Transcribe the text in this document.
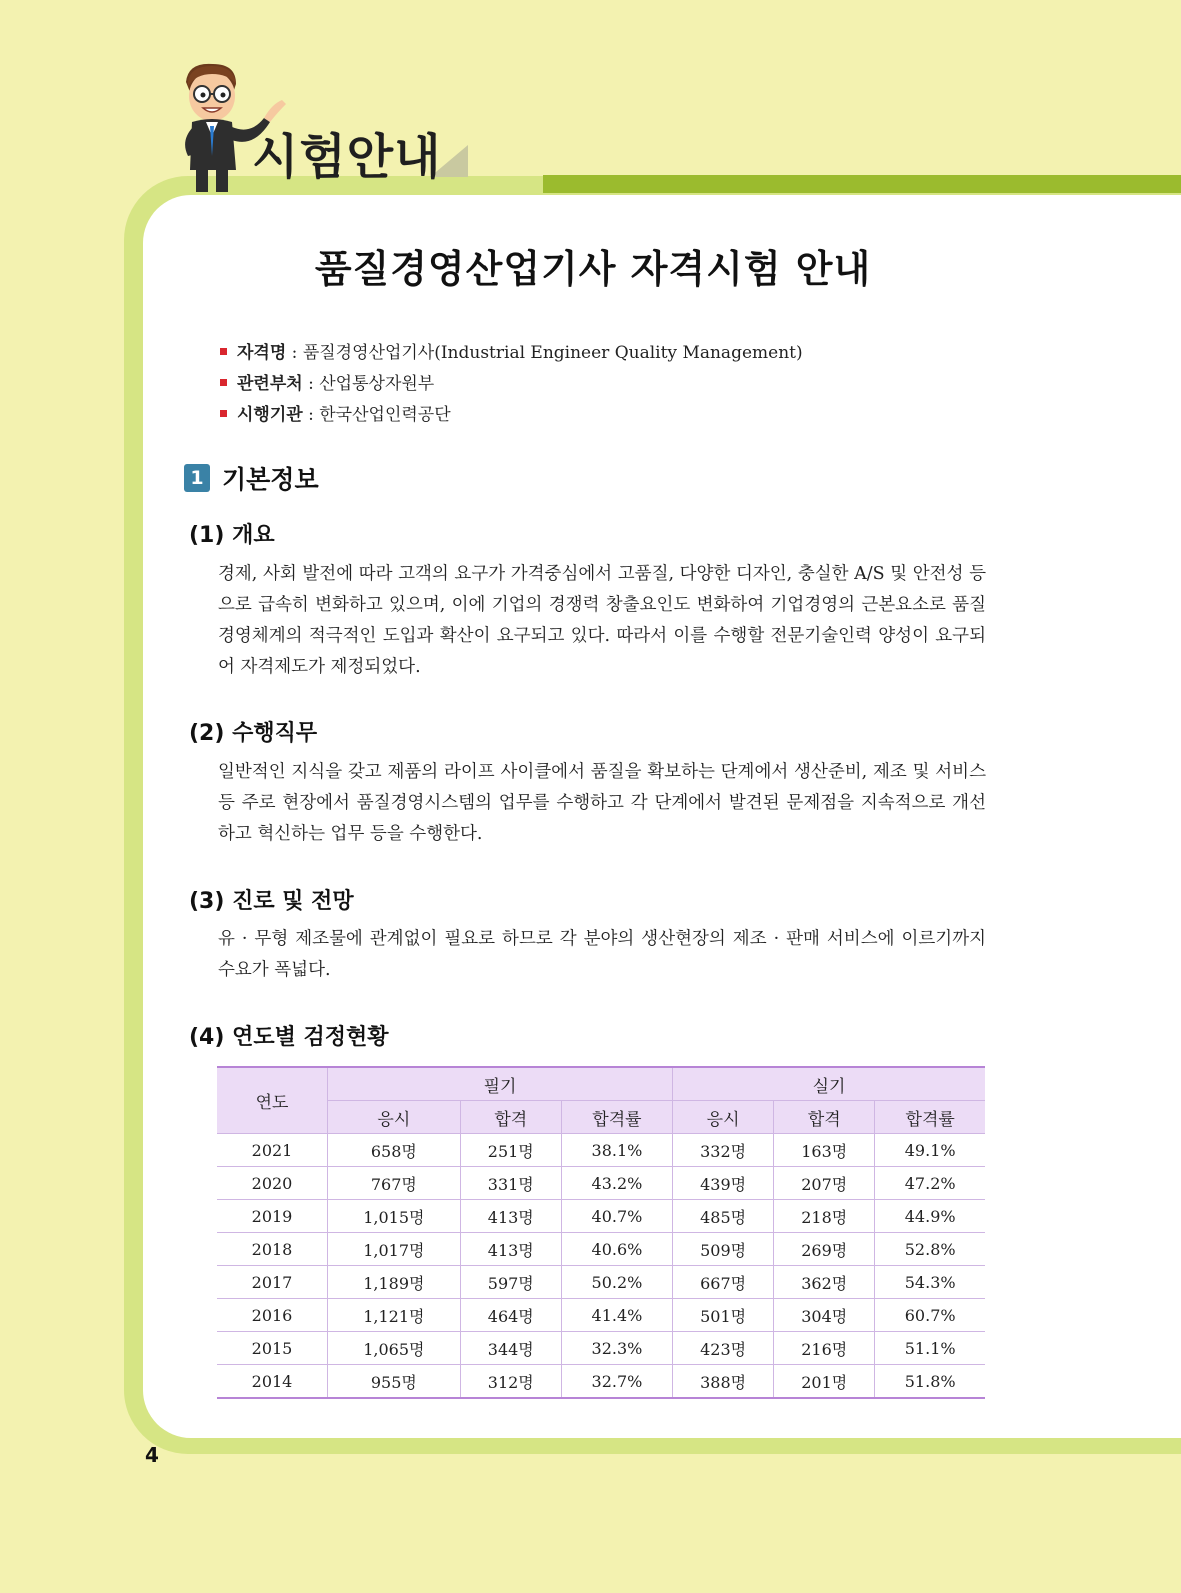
시험안내
품질경영산업기사 자격시험 안내
자격명 : 품질경영산업기사(Industrial Engineer Quality Management)
관련부처 : 산업통상자원부
시행기관 : 한국산업인력공단
1 기본정보
(1) 개요

경제, 사회 발전에 따라 고객의 요구가 가격중심에서 고품질, 다양한 디자인, 충실한 A/S 및 안전성 등으로 급속히 변화하고 있으며, 이에 기업의 경쟁력 창출요인도 변화하여 기업경영의 근본요소로 품질경영체계의 적극적인 도입과 확산이 요구되고 있다. 따라서 이를 수행할 전문기술인력 양성이 요구되어 자격제도가 제정되었다.

(2) 수행직무

일반적인 지식을 갖고 제품의 라이프 사이클에서 품질을 확보하는 단계에서 생산준비, 제조 및 서비스 등 주로 현장에서 품질경영시스템의 업무를 수행하고 각 단계에서 발견된 문제점을 지속적으로 개선하고 혁신하는 업무 등을 수행한다.

(3) 진로 및 전망

유 · 무형 제조물에 관계없이 필요로 하므로 각 분야의 생산현장의 제조 · 판매 서비스에 이르기까지 수요가 폭넓다.

(4) 연도별 검정현황
연도	필기			실기		
	응시	합격	합격률	응시	합격	합격률
2021	658명	251명	38.1%	332명	163명	49.1%
2020	767명	331명	43.2%	439명	207명	47.2%
2019	1,015명	413명	40.7%	485명	218명	44.9%
2018	1,017명	413명	40.6%	509명	269명	52.8%
2017	1,189명	597명	50.2%	667명	362명	54.3%
2016	1,121명	464명	41.4%	501명	304명	60.7%
2015	1,065명	344명	32.3%	423명	216명	51.1%
2014	955명	312명	32.7%	388명	201명	51.8%
4
